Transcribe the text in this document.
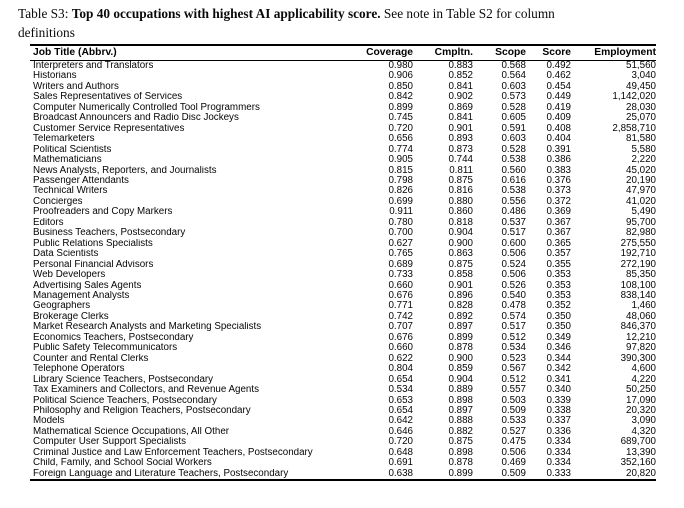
Table S3: Top 40 occupations with highest AI applicability score. See note in Table S2 for column
definitions
Job Title (Abbrv.)	Coverage	Cmpltn.	Scope	Score	Employment
Interpreters and Translators	0.980	0.883	0.568	0.492	51,560
Historians	0.906	0.852	0.564	0.462	3,040
Writers and Authors	0.850	0.841	0.603	0.454	49,450
Sales Representatives of Services	0.842	0.902	0.573	0.449	1,142,020
Computer Numerically Controlled Tool Programmers	0.899	0.869	0.528	0.419	28,030
Broadcast Announcers and Radio Disc Jockeys	0.745	0.841	0.605	0.409	25,070
Customer Service Representatives	0.720	0.901	0.591	0.408	2,858,710
Telemarketers	0.656	0.893	0.603	0.404	81,580
Political Scientists	0.774	0.873	0.528	0.391	5,580
Mathematicians	0.905	0.744	0.538	0.386	2,220
News Analysts, Reporters, and Journalists	0.815	0.811	0.560	0.383	45,020
Passenger Attendants	0.798	0.875	0.616	0.376	20,190
Technical Writers	0.826	0.816	0.538	0.373	47,970
Concierges	0.699	0.880	0.556	0.372	41,020
Proofreaders and Copy Markers	0.911	0.860	0.486	0.369	5,490
Editors	0.780	0.818	0.537	0.367	95,700
Business Teachers, Postsecondary	0.700	0.904	0.517	0.367	82,980
Public Relations Specialists	0.627	0.900	0.600	0.365	275,550
Data Scientists	0.765	0.863	0.506	0.357	192,710
Personal Financial Advisors	0.689	0.875	0.524	0.355	272,190
Web Developers	0.733	0.858	0.506	0.353	85,350
Advertising Sales Agents	0.660	0.901	0.526	0.353	108,100
Management Analysts	0.676	0.896	0.540	0.353	838,140
Geographers	0.771	0.828	0.478	0.352	1,460
Brokerage Clerks	0.742	0.892	0.574	0.350	48,060
Market Research Analysts and Marketing Specialists	0.707	0.897	0.517	0.350	846,370
Economics Teachers, Postsecondary	0.676	0.899	0.512	0.349	12,210
Public Safety Telecommunicators	0.660	0.878	0.534	0.346	97,820
Counter and Rental Clerks	0.622	0.900	0.523	0.344	390,300
Telephone Operators	0.804	0.859	0.567	0.342	4,600
Library Science Teachers, Postsecondary	0.654	0.904	0.512	0.341	4,220
Tax Examiners and Collectors, and Revenue Agents	0.534	0.889	0.557	0.340	50,250
Political Science Teachers, Postsecondary	0.653	0.898	0.503	0.339	17,090
Philosophy and Religion Teachers, Postsecondary	0.654	0.897	0.509	0.338	20,320
Models	0.642	0.888	0.533	0.337	3,090
Mathematical Science Occupations, All Other	0.646	0.882	0.527	0.336	4,320
Computer User Support Specialists	0.720	0.875	0.475	0.334	689,700
Criminal Justice and Law Enforcement Teachers, Postsecondary	0.648	0.898	0.506	0.334	13,390
Child, Family, and School Social Workers	0.691	0.878	0.469	0.334	352,160
Foreign Language and Literature Teachers, Postsecondary	0.638	0.899	0.509	0.333	20,820
